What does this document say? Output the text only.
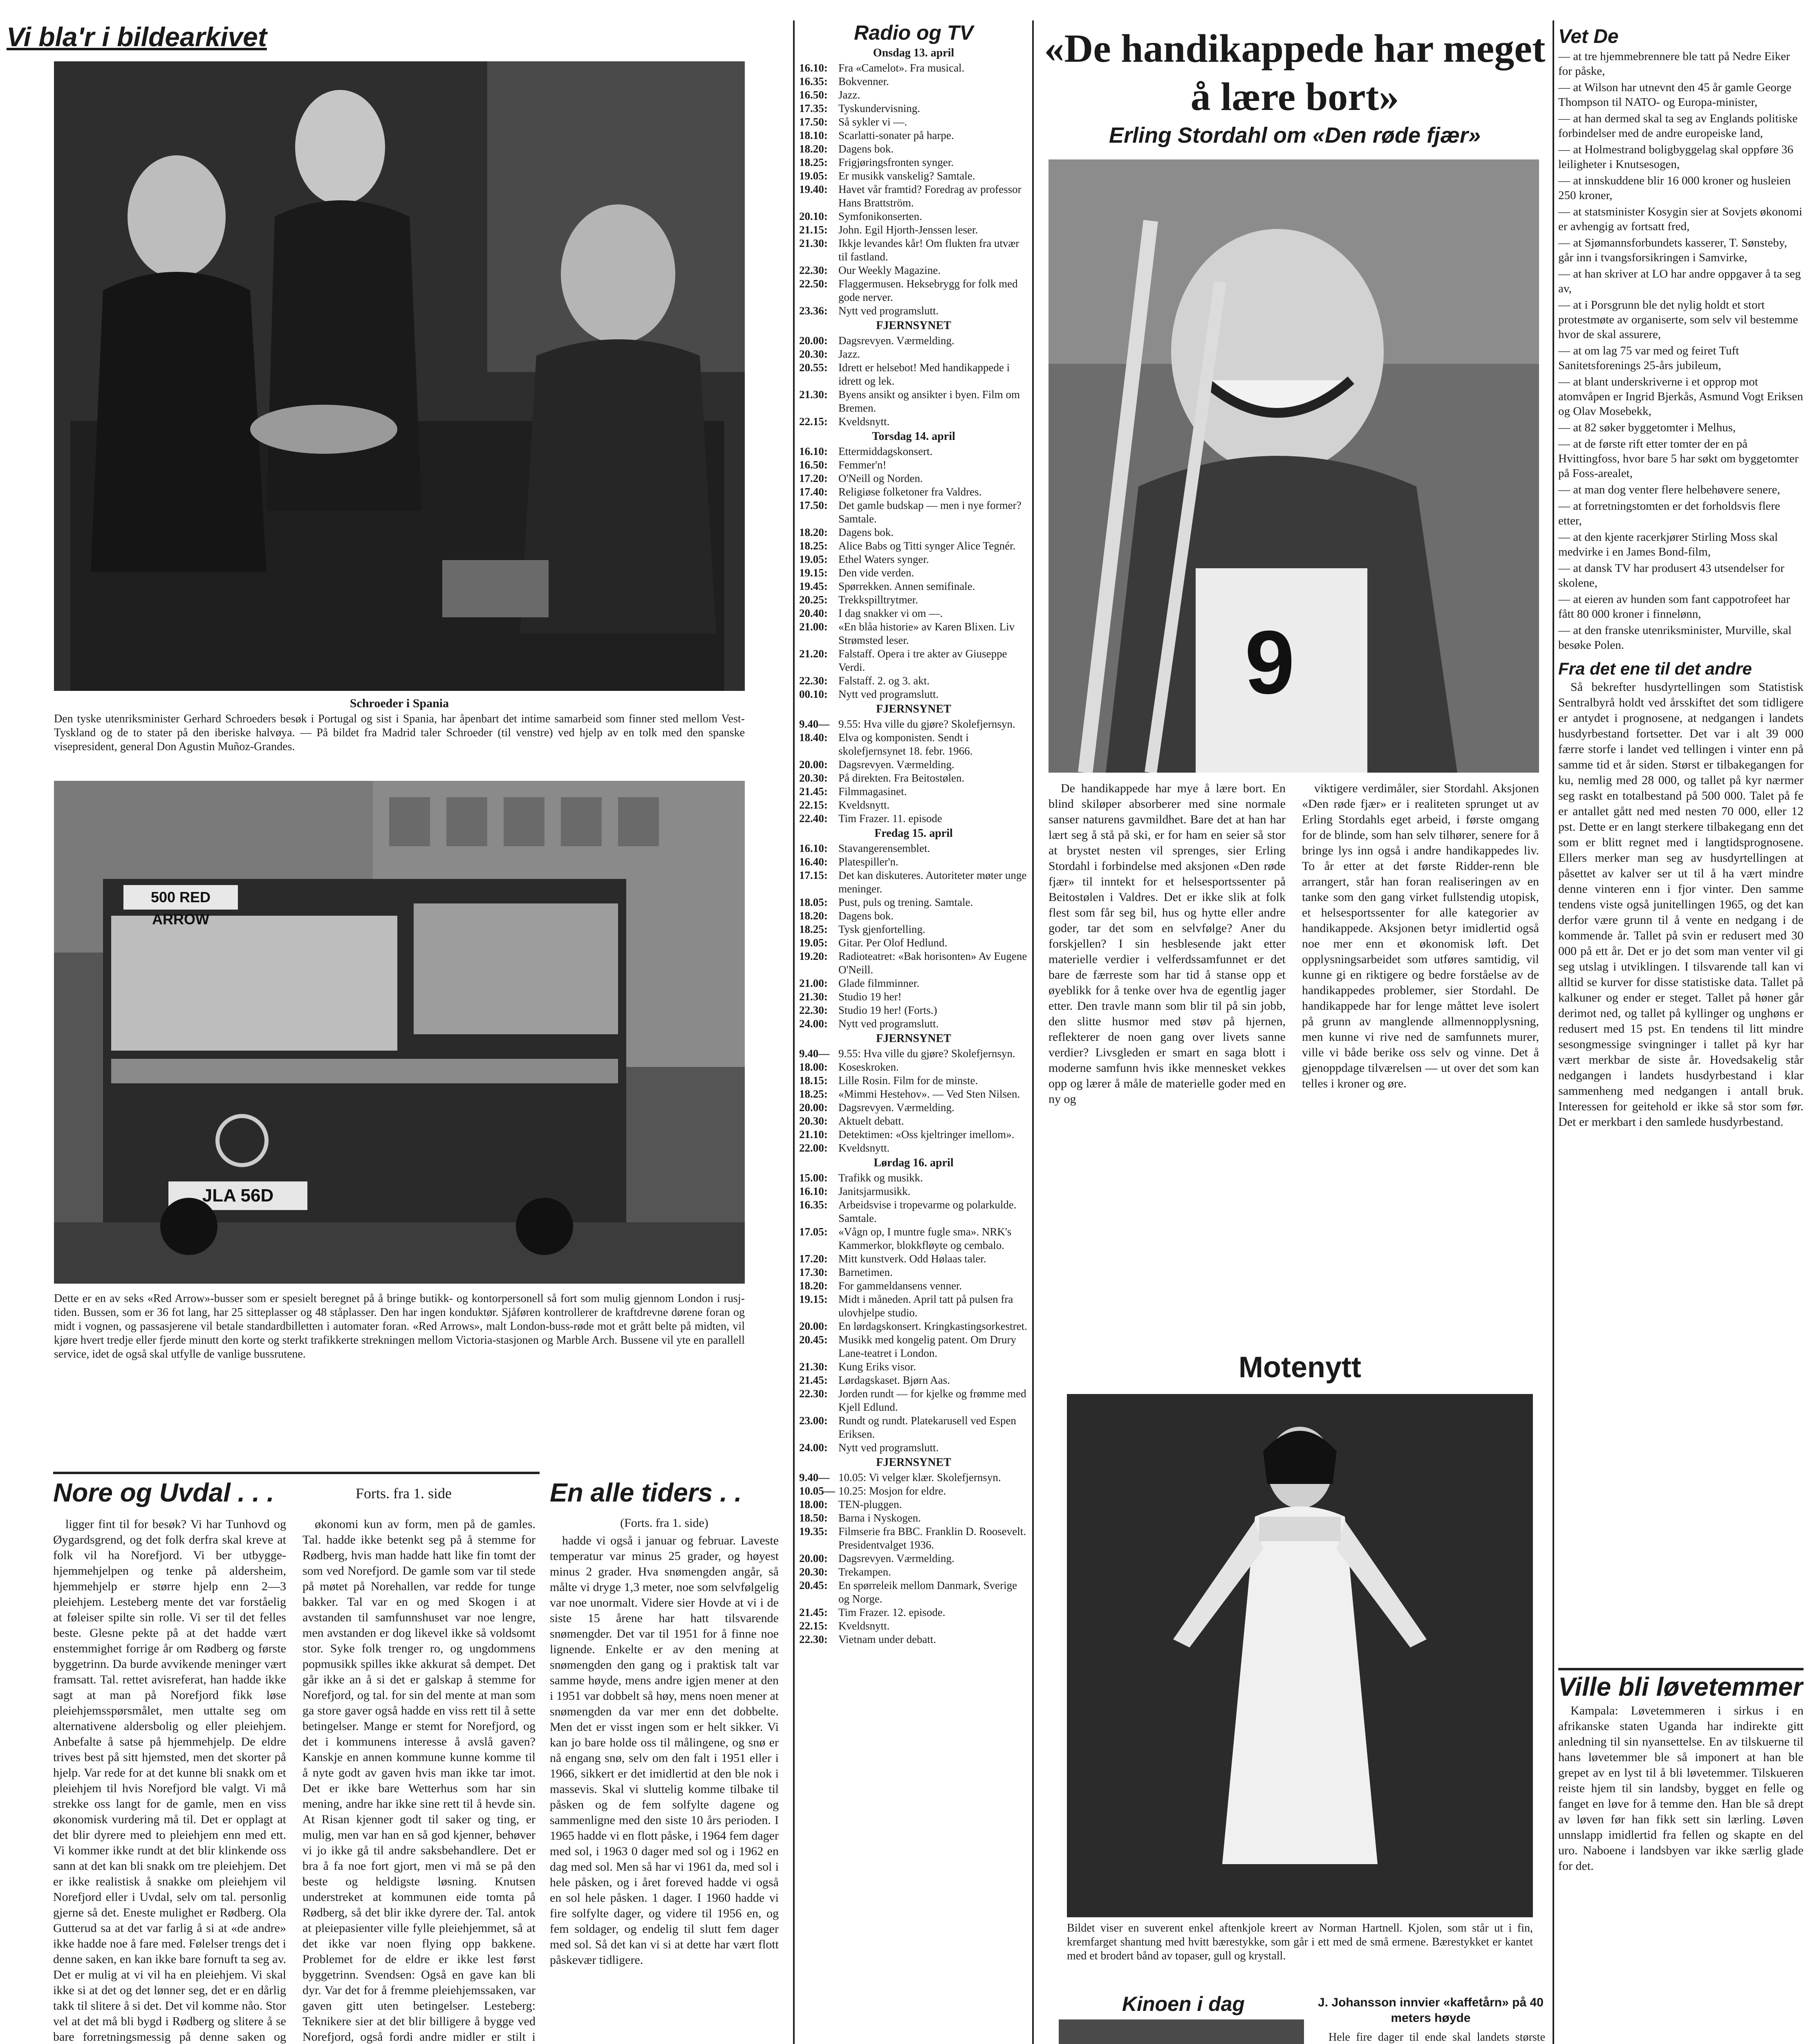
Vi bla'r i bildearkivet
Schroeder i Spania
Den tyske utenriksminister Gerhard Schroeders besøk i Portugal og sist i Spania, har åpenbart det intime samarbeid som finner sted mellom Vest-Tyskland og de to stater på den iberiske halvøya. — På bildet fra Madrid taler Schroeder (til venstre) ved hjelp av en tolk med den spanske visepresident, general Don Agustin Muñoz-Grandes.
500 RED ARROW
JLA 56D
Dette er en av seks «Red Arrow»-busser som er spesielt beregnet på å bringe butikk- og kontorpersonell så fort som mulig gjennom London i rusj-tiden. Bussen, som er 36 fot lang, har 25 sitteplasser og 48 ståplasser. Den har ingen konduktør. Sjåføren kontrollerer de kraftdrevne dørene foran og midt i vognen, og passasjerene vil betale standardbilletten i automater foran. «Red Arrows», malt London-buss-røde mot et grått belte på midten, vil kjøre hvert tredje eller fjerde minutt den korte og sterkt trafikkerte strekningen mellom Victoria-stasjonen og Marble Arch. Bussene vil yte en parallell service, idet de også skal utfylle de vanlige bussrutene.
Nore og Uvdal . . .	Forts. fra 1. side
ligger fint til for besøk? Vi har Tunhovd og Øygardsgrend, og det folk derfra skal kreve at folk vil ha Norefjord. Vi ber utbygge- hjemmehjelpen og tenke på aldersheim, hjemmehjelp er større hjelp enn 2—3 pleiehjem. Lesteberg mente det var forståelig at føleiser spilte sin rolle. Vi ser til det felles beste. Glesne pekte på at det hadde vært enstemmighet forrige år om Rødberg og første byggetrinn. Da burde avvikende meninger vært framsatt. Tal. rettet avisreferat, han hadde ikke sagt at man på Norefjord fikk løse pleiehjemsspørsmålet, men uttalte seg om alternativene aldersbolig og eller pleiehjem. Anbefalte å satse på hjemmehjelp. De eldre trives best på sitt hjemsted, men det skorter på hjelp. Var rede for at det kunne bli snakk om et pleiehjem til hvis Norefjord ble valgt. Vi må strekke oss langt for de gamle, men en viss økonomisk vurdering må til. Det er opplagt at det blir dyrere med to pleiehjem enn med ett. Vi kommer ikke rundt at det blir klinkende oss sann at det kan bli snakk om tre pleiehjem. Det er ikke realistisk å snakke om pleiehjem vil Norefjord eller i Uvdal, selv om tal. personlig gjerne så det. Eneste mulighet er Rødberg. Ola Gutterud sa at det var farlig å si at «de andre» ikke hadde noe å fare med. Følelser trengs det i denne saken, en kan ikke bare fornuft ta seg av. Det er mulig at vi vil ha en pleiehjem. Vi skal ikke si at det og det lønner seg, det er en dårlig takk til slitere å si det. Det vil komme nåo. Stor vel at det må bli bygd i Rødberg og slitere å se bare forretningsmessig på denne saken og
økonomi kun av form, men på de gamles. Tal. hadde ikke betenkt seg på å stemme for Rødberg, hvis man hadde hatt like fin tomt der som ved Norefjord. De gamle som var til stede på møtet på Norehallen, var redde for tunge bakker. Tal var en og med Skogen i at avstanden til samfunnshuset var noe lengre, men avstanden er dog likevel ikke så voldsomt stor. Syke folk trenger ro, og ungdommens popmusikk spilles ikke akkurat så dempet. Det går ikke an å si det er galskap å stemme for Norefjord, og tal. for sin del mente at man som ga store gaver også hadde en viss rett til å sette betingelser. Mange er stemt for Norefjord, og det i kommunens interesse å avslå gaven? Kanskje en annen kommune kunne komme til å nyte godt av gaven hvis man ikke tar imot. Det er ikke bare Wetterhus som har sin mening, andre har ikke sine rett til å hevde sin. At Risan kjenner godt til saker og ting, er mulig, men var han en så god kjenner, behøver vi jo ikke gå til andre saksbehandlere. Det er bra å fa noe fort gjort, men vi må se på den beste og heldigste løsning. Knutsen understreket at kommunen eide tomta på Rødberg, så det blir ikke dyrere der. Tal. antok at pleiepasienter ville fylle pleiehjemmet, så at det ikke var noen flying opp bakkene. Problemet for de eldre er ikke lest først byggetrinn. Svendsen: Også en gave kan bli dyr. Var det for å fremme pleiehjemssaken, var gaven gitt uten betingelser. Lesteberg: Teknikere sier at det blir billigere å bygge ved Norefjord, også fordi andre midler er stilt i
En alle tiders . .
(Forts. fra 1. side)
hadde vi også i januar og februar. Laveste temperatur var minus 25 grader, og høyest minus 2 grader. Hva snømengden angår, så målte vi dryge 1,3 meter, noe som selvfølgelig var noe unormalt. Videre sier Hovde at vi i de siste 15 årene har hatt tilsvarende snømengder. Det var til 1951 for å finne noe lignende. Enkelte er av den mening at snømengden den gang og i praktisk talt var samme høyde, mens andre igjen mener at den i 1951 var dobbelt så høy, mens noen mener at snømengden da var mer enn det dobbelte. Men det er visst ingen som er helt sikker. Vi kan jo bare holde oss til målingene, og snø er nå engang snø, selv om den falt i 1951 eller i 1966, sikkert er det imidlertid at den ble nok i massevis. Skal vi sluttelig komme tilbake til påsken og de fem solfylte dagene og sammenligne med den siste 10 års perioden. I 1965 hadde vi en flott påske, i 1964 fem dager med sol, i 1963 0 dager med sol og i 1962 en dag med sol. Men så har vi 1961 da, med sol i hele påsken, og i året foreved hadde vi også en sol hele påsken. 1 dager. I 1960 hadde vi fire solfylte dager, og videre til 1956 en, og fem soldager, og endelig til slutt fem dager med sol. Så det kan vi si at dette har vært flott påskevær tidligere.
Radio og TV
Onsdag 13. april
16.10: Fra «Camelot». Fra musical.
16.35: Bokvenner.
16.50: Jazz.
17.35: Tyskundervisning.
17.50: Så sykler vi —.
18.10: Scarlatti-sonater på harpe.
18.20: Dagens bok.
18.25: Frigjøringsfronten synger.
19.05: Er musikk vanskelig? Samtale.
19.40: Havet vår framtid? Foredrag av professor Hans Brattström.
20.10: Symfonikonserten.
21.15: John. Egil Hjorth-Jenssen leser.
21.30: Ikkje levandes kår! Om flukten fra utvær til fastland.
22.30: Our Weekly Magazine.
22.50: Flaggermusen. Heksebrygg for folk med gode nerver.
23.36: Nytt ved programslutt.
FJERNSYNET
20.00: Dagsrevyen. Værmelding.
20.30: Jazz.
20.55: Idrett er helsebot! Med handikappede i idrett og lek.
21.30: Byens ansikt og ansikter i byen. Film om Bremen.
22.15: Kveldsnytt.
Torsdag 14. april
16.10: Ettermiddagskonsert.
16.50: Femmer'n!
17.20: O'Neill og Norden.
17.40: Religiøse folketoner fra Valdres.
17.50: Det gamle budskap — men i nye former? Samtale.
18.20: Dagens bok.
18.25: Alice Babs og Titti synger Alice Tegnér.
19.05: Ethel Waters synger.
19.15: Den vide verden.
19.45: Spørrekken. Annen semifinale.
20.25: Trekkspilltrytmer.
20.40: I dag snakker vi om —.
21.00: «En blåa historie» av Karen Blixen. Liv Strømsted leser.
21.20: Falstaff. Opera i tre akter av Giuseppe Verdi.
22.30: Falstaff. 2. og 3. akt.
00.10: Nytt ved programslutt.
FJERNSYNET
9.40— 9.55: Hva ville du gjøre? Skolefjernsyn.
18.40: Elva og komponisten. Sendt i skolefjernsynet 18. febr. 1966.
20.00: Dagsrevyen. Værmelding.
20.30: På direkten. Fra Beitostølen.
21.45: Filmmagasinet.
22.15: Kveldsnytt.
22.40: Tim Frazer. 11. episode
Fredag 15. april
16.10: Stavangerensemblet.
16.40: Platespiller'n.
17.15: Det kan diskuteres. Autoriteter møter unge meninger.
18.05: Pust, puls og trening. Samtale.
18.20: Dagens bok.
18.25: Tysk gjenfortelling.
19.05: Gitar. Per Olof Hedlund.
19.20: Radioteatret: «Bak horisonten» Av Eugene O'Neill.
21.00: Glade filmminner.
21.30: Studio 19 her!
22.30: Studio 19 her! (Forts.)
24.00: Nytt ved programslutt.
FJERNSYNET
9.40— 9.55: Hva ville du gjøre? Skolefjernsyn.
18.00: Koseskroken.
18.15: Lille Rosin. Film for de minste.
18.25: «Mimmi Hestehov». — Ved Sten Nilsen.
20.00: Dagsrevyen. Værmelding.
20.30: Aktuelt debatt.
21.10: Detektimen: «Oss kjeltringer imellom».
22.00: Kveldsnytt.
Lørdag 16. april
15.00: Trafikk og musikk.
16.10: Janitsjarmusikk.
16.35: Arbeidsvise i tropevarme og polarkulde. Samtale.
17.05: «Vågn op, I muntre fugle sma». NRK's Kammerkor, blokkfløyte og cembalo.
17.20: Mitt kunstverk. Odd Hølaas taler.
17.30: Barnetimen.
18.20: For gammeldansens venner.
19.15: Midt i måneden. April tatt på pulsen fra ulovhjelpe studio.
20.00: En lørdagskonsert. Kringkastingsorkestret.
20.45: Musikk med kongelig patent. Om Drury Lane-teatret i London.
21.30: Kung Eriks visor.
21.45: Lørdagskaset. Bjørn Aas.
22.30: Jorden rundt — for kjelke og frømme med Kjell Edlund.
23.00: Rundt og rundt. Platekarusell ved Espen Eriksen.
24.00: Nytt ved programslutt.
FJERNSYNET
9.40— 10.05: Vi velger klær. Skolefjernsyn.
10.05— 10.25: Mosjon for eldre.
18.00: TEN-pluggen.
18.50: Barna i Nyskogen.
19.35: Filmserie fra BBC. Franklin D. Roosevelt. Presidentvalget 1936.
20.00: Dagsrevyen. Værmelding.
20.30: Trekampen.
20.45: En spørreleik mellom Danmark, Sverige og Norge.
21.45: Tim Frazer. 12. episode.
22.15: Kveldsnytt.
22.30: Vietnam under debatt.
«De handikappede har meget å lære bort»
Erling Stordahl om «Den røde fjær»
9
De handikappede har mye å lære bort. En blind skiløper absorberer med sine normale sanser naturens gavmildhet. Bare det at han har lært seg å stå på ski, er for ham en seier så stor at brystet nesten vil sprenges, sier Erling Stordahl i forbindelse med aksjonen «Den røde fjær» til inntekt for et helsesportssenter på Beitostølen i Valdres. Det er ikke slik at folk flest som får seg bil, hus og hytte eller andre goder, tar det som en selvfølge? Aner du forskjellen? I sin hesblesende jakt etter materielle verdier i velferdssamfunnet er det bare de færreste som har tid å stanse opp et øyeblikk for å tenke over hva de egentlig jager etter. Den travle mann som blir til på sin jobb, den slitte husmor med støv på hjernen, reflekterer de noen gang over livets sanne verdier? Livsgleden er smart en saga blott i moderne samfunn hvis ikke mennesket vekkes opp og lærer å måle de materielle goder med en ny og
viktigere verdimåler, sier Stordahl. Aksjonen «Den røde fjær» er i realiteten sprunget ut av Erling Stordahls eget arbeid, i første omgang for de blinde, som han selv tilhører, senere for å bringe lys inn også i andre handikappedes liv. To år etter at det første Ridder-renn ble arrangert, står han foran realiseringen av en tanke som den gang virket fullstendig utopisk, et helsesportssenter for alle kategorier av handikappede. Aksjonen betyr imidlertid også noe mer enn et økonomisk løft. Det opplysningsarbeidet som utføres samtidig, vil kunne gi en riktigere og bedre forståelse av de handikappedes problemer, sier Stordahl. De handikappede har for lenge måttet leve isolert på grunn av manglende allmennopplysning, men kunne vi rive ned de samfunnets murer, ville vi både berike oss selv og vinne. Det å gjenoppdage tilværelsen — ut over det som kan telles i kroner og øre.
Motenytt
Bildet viser en suverent enkel aftenkjole kreert av Norman Hartnell. Kjolen, som står ut i fin, kremfarget shantung med hvitt bærestykke, som går i ett med de små ermene. Bærestykket er kantet med et brodert bånd av topaser, gull og krystall.
Kinoen i dag	J. Johansson innvier «kaffetårn» på 40 meters høyde
Hele fire dager til ende skal landets største
Vet De
— at tre hjemmebrennere ble tatt på Nedre Eiker for påske,
— at Wilson har utnevnt den 45 år gamle George Thompson til NATO- og Europa-minister,
— at han dermed skal ta seg av Englands politiske forbindelser med de andre europeiske land,
— at Holmestrand boligbyggelag skal oppføre 36 leiligheter i Knutsesogen,
— at innskuddene blir 16 000 kroner og husleien 250 kroner,
— at statsminister Kosygin sier at Sovjets økonomi er avhengig av fortsatt fred,
— at Sjømannsforbundets kasserer, T. Sønsteby, går inn i tvangsforsikringen i Samvirke,
— at han skriver at LO har andre oppgaver å ta seg av,
— at i Porsgrunn ble det nylig holdt et stort protestmøte av organiserte, som selv vil bestemme hvor de skal assurere,
— at om lag 75 var med og feiret Tuft Sanitetsforenings 25-års jubileum,
— at blant underskriverne i et opprop mot atomvåpen er Ingrid Bjerkås, Asmund Vogt Eriksen og Olav Mosebekk,
— at 82 søker byggetomter i Melhus,
— at de første rift etter tomter der en på Hvittingfoss, hvor bare 5 har søkt om byggetomter på Foss-arealet,
— at man dog venter flere helbehøvere senere,
— at forretningstomten er det forholdsvis flere etter,
— at den kjente racerkjører Stirling Moss skal medvirke i en James Bond-film,
— at dansk TV har produsert 43 utsendelser for skolene,
— at eieren av hunden som fant cappotrofeet har fått 80 000 kroner i finnelønn,
— at den franske utenriksminister, Murville, skal besøke Polen.
Fra det ene til det andre
Så bekrefter husdyrtellingen som Statistisk Sentralbyrå holdt ved årsskiftet det som tidligere er antydet i prognosene, at nedgangen i landets husdyrbestand fortsetter. Det var i alt 39 000 færre storfe i landet ved tellingen i vinter enn på samme tid et år siden. Størst er tilbakegangen for ku, nemlig med 28 000, og tallet på kyr nærmer seg raskt en totalbestand på 500 000. Talet på fe er antallet gått ned med nesten 70 000, eller 12 pst. Dette er en langt sterkere tilbakegang enn det som er blitt regnet med i langtidsprognosene. Ellers merker man seg av husdyrtellingen at påsettet av kalver ser ut til å ha vært mindre denne vinteren enn i fjor vinter. Den samme tendens viste også junitellingen 1965, og det kan derfor være grunn til å vente en nedgang i de kommende år. Tallet på svin er redusert med 30 000 på ett år. Det er jo det som man venter vil gi seg utslag i utviklingen. I tilsvarende tall kan vi alltid se kurver for disse statistiske data. Tallet på kalkuner og ender er steget. Tallet på høner går derimot ned, og tallet på kyllinger og unghøns er redusert med 15 pst. En tendens til litt mindre sesongmessige svingninger i tallet på kyr har vært merkbar de siste år. Hovedsakelig står nedgangen i landets husdyrbestand i klar sammenheng med nedgangen i antall bruk. Interessen for geitehold er ikke så stor som før. Det er merkbart i den samlede husdyrbestand.
Ville bli løvetemmer
Kampala: Løvetemmeren i sirkus i en afrikanske staten Uganda har indirekte gitt anledning til sin nyansettelse. En av tilskuerne til hans løvetemmer ble så imponert at han ble grepet av en lyst til å bli løvetemmer. Tilskueren reiste hjem til sin landsby, bygget en felle og fanget en løve for å temme den. Han ble så drept av løven før han fikk sett sin lærling. Løven unnslapp imidlertid fra fellen og skapte en del uro. Naboene i landsbyen var ikke særlig glade for det.
